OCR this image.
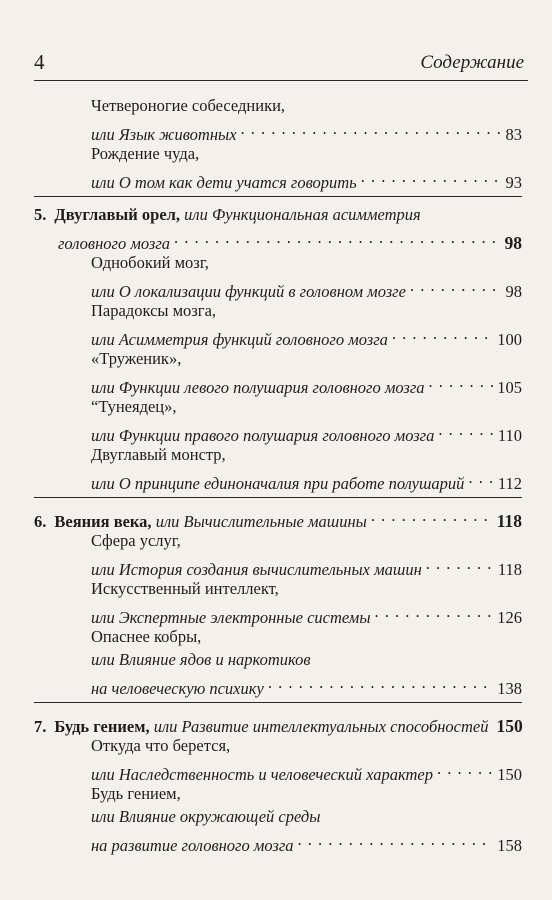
4	Содержание
Четвероногие собеседники,
или Язык животных . . .	83
Рождение чуда,
или О том как дети учатся говорить . . .	93
5. Двуглавый орел, или Функциональная асимметрия
головного мозга . . .	98
Однобокий мозг,
или О локализации функций в головном мозге . . .	98
Парадоксы мозга,
или Асимметрия функций головного мозга . . .	100
«Труженик»,
или Функции левого полушария головного мозга . . .	105
“Тунеядец»,
или Функции правого полушария головного мозга . . .	110
Двуглавый монстр,
или О принципе единоначалия при работе полушарий . . . 112
6. Веяния века, или Вычислительные машины . . .	118
Сфера услуг,
или История создания вычислительных машин . . .	118
Искусственный интеллект,
или Экспертные электронные системы . . .	126
Опаснее кобры,
или Влияние ядов и наркотиков
на человеческую психику . . .	138
7. Будь гением, или Развитие интеллектуальных способностей 150
Откуда что берется,
или Наследственность и человеческий характер . . .	150
Будь гением,
или Влияние окружающей среды
на развитие головного мозга . . .	158
